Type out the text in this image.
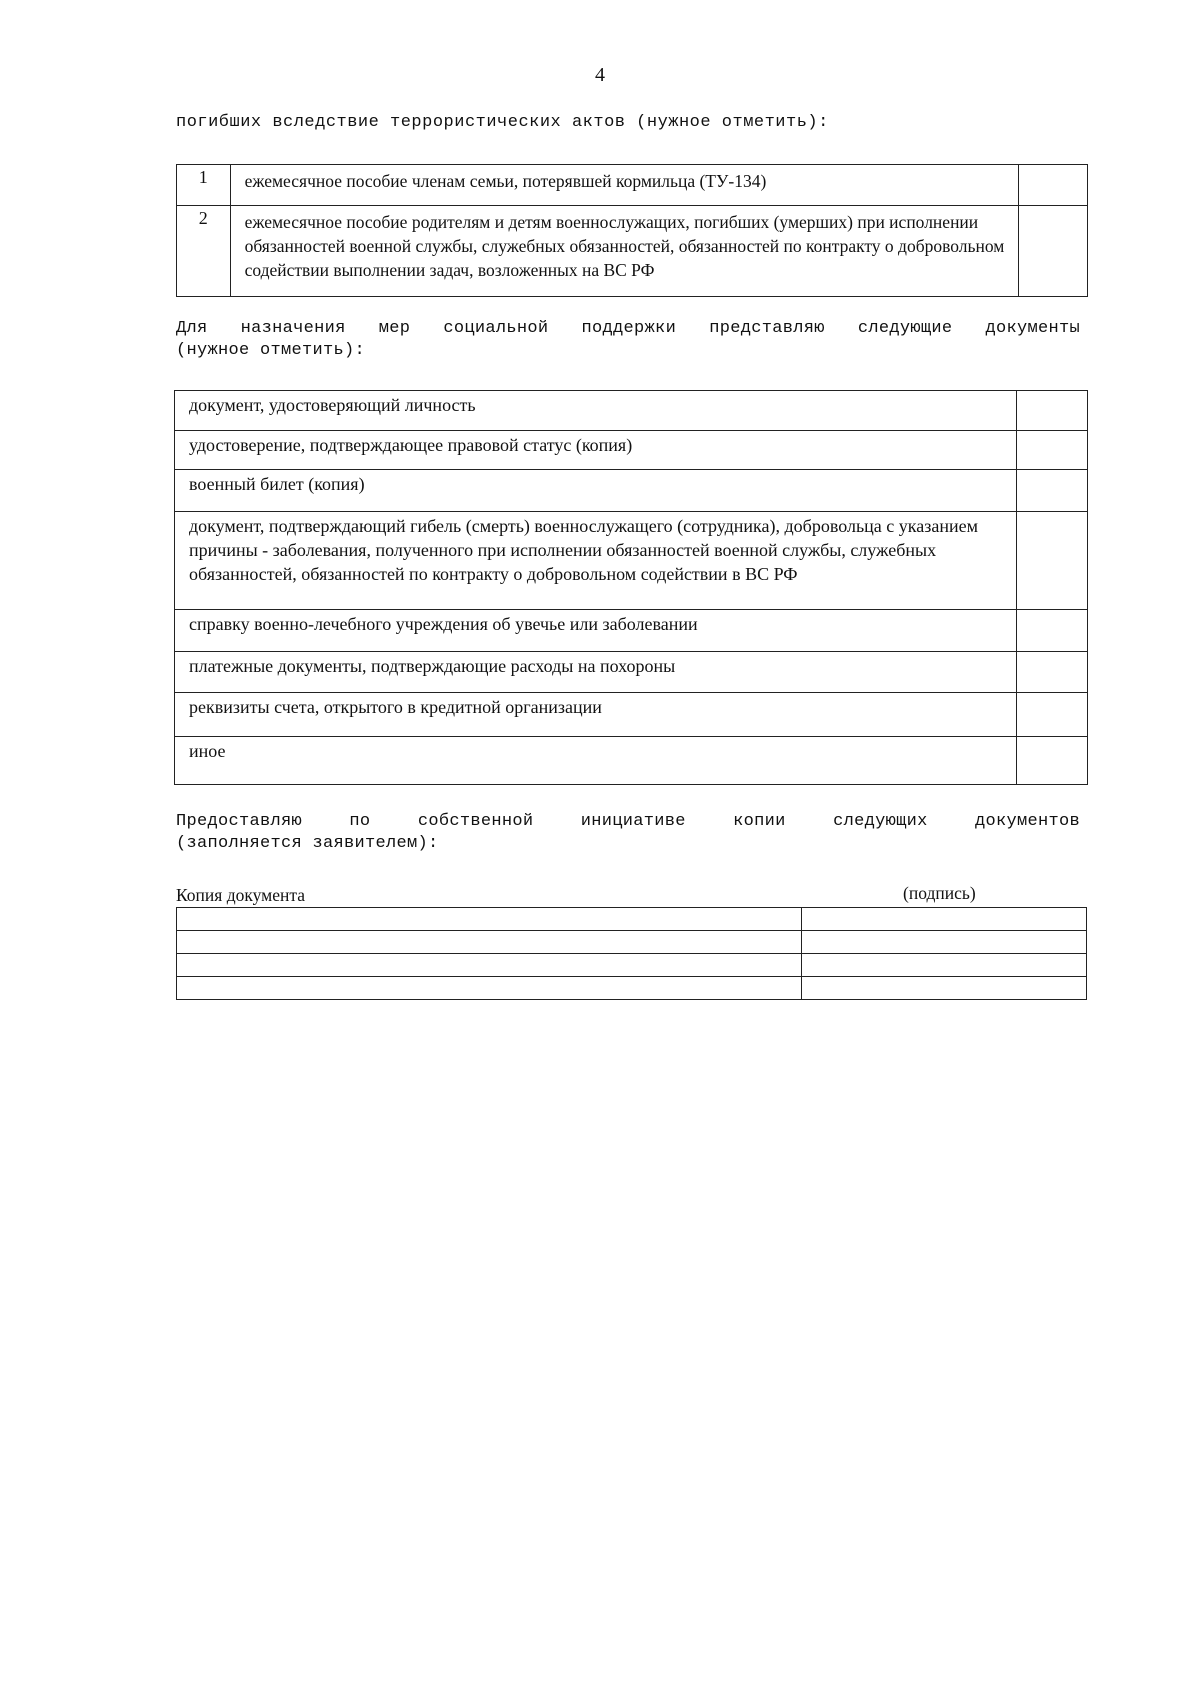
4
погибших вследствие террористических актов (нужное отметить):
1	ежемесячное пособие членам семьи, потерявшей кормильца (ТУ-134)	
2	ежемесячное пособие родителям и детям военнослужащих, погибших (умерших) при исполнении обязанностей военной службы, служебных обязанностей, обязанностей по контракту о добровольном содействии выполнении задач, возложенных на ВС РФ	
Для назначения мер социальной поддержки представляю следующие документы
(нужное отметить):
документ, удостоверяющий личность	
удостоверение, подтверждающее правовой статус (копия)	
военный билет (копия)	
документ, подтверждающий гибель (смерть) военнослужащего (сотрудника), добровольца с указанием причины - заболевания, полученного при исполнении обязанностей военной службы, служебных обязанностей, обязанностей по контракту о добровольном содействии в ВС РФ	
справку военно-лечебного учреждения об увечье или заболевании	
платежные документы, подтверждающие расходы на похороны	
реквизиты счета, открытого в кредитной организации	
иное	
Предоставляю по собственной инициативе копии следующих документов
(заполняется заявителем):
Копия документа	(подпись)
